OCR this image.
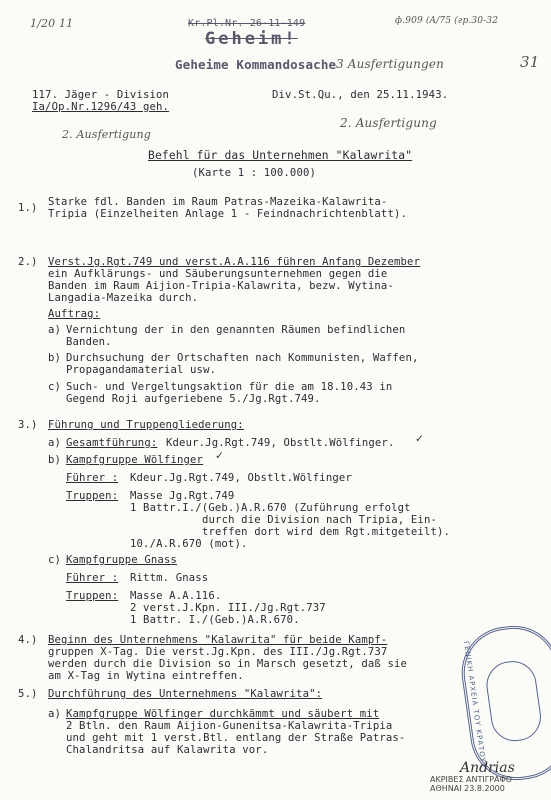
1/20 11	Kr.Pl.Nr. 26-11-149	ф.909 (A/75 (гр.30-32
31
Geheim!
Geheime Kommandosache 3 Ausfertigungen
117. Jäger - Division
Ia/Op.Nr.1296/43 geh.
Div.St.Qu., den 25.11.1943.
2. Ausfertigung
2. Ausfertigung
Befehl für das Unternehmen "Kalawrita"
(Karte 1 : 100.000)
1.) Starke fdl. Banden im Raum Patras-Mazeika-Kalawrita-
Tripia (Einzelheiten Anlage 1 - Feindnachrichtenblatt).
2.) Verst.Jg.Rgt.749 und verst.A.A.116 führen Anfang Dezember
ein Aufklärungs- und Säuberungsunternehmen gegen die
Banden im Raum Aijion-Tripia-Kalawrita, bezw. Wytina-
Langadia-Mazeika durch.
Auftrag:
a) Vernichtung der in den genannten Räumen befindlichen
Banden.
b) Durchsuchung der Ortschaften nach Kommunisten, Waffen,
Propagandamaterial usw.
c) Such- und Vergeltungsaktion für die am 18.10.43 in
Gegend Roji aufgeriebene 5./Jg.Rgt.749.
3.) Führung und Truppengliederung:
a) Gesamtführung: Kdeur.Jg.Rgt.749, Obstlt.Wölfinger. ✓
b) Kampfgruppe Wölfinger ✓
Führer : Kdeur.Jg.Rgt.749, Obstlt.Wölfinger
Truppen: Masse Jg.Rgt.749
1 Battr.I./(Geb.)A.R.670 (Zuführung erfolgt
durch die Division nach Tripia, Ein-
treffen dort wird dem Rgt.mitgeteilt).
10./A.R.670 (mot).
c) Kampfgruppe Gnass
Führer : Rittm. Gnass
Truppen: Masse A.A.116.
2 verst.J.Kpn. III./Jg.Rgt.737
1 Battr. I./(Geb.)A.R.670.
4.) Beginn des Unternehmens "Kalawrita" für beide Kampf-
gruppen X-Tag. Die verst.Jg.Kpn. des III./Jg.Rgt.737
werden durch die Division so in Marsch gesetzt, daß sie
am X-Tag in Wytina eintreffen.
5.) Durchführung des Unternehmens "Kalawrita":
a) Kampfgruppe Wölfinger durchkämmt und säubert mit
2 Btln. den Raum Aijion-Gunenitsa-Kalawrita-Tripia
und geht mit 1 verst.Btl. entlang der Straße Patras-
Chalandritsa auf Kalawrita vor.	ΓΕΝΙΚΗ ΑΡΧΕΙΑ ΤΟΥ ΚΡΑΤΟΥΣ
ΑΚΡΙΒΕΣ ΑΝΤΙΓΡΑΦΟ
ΑΘΗΝΑΙ 23.8.2000
Andrias
